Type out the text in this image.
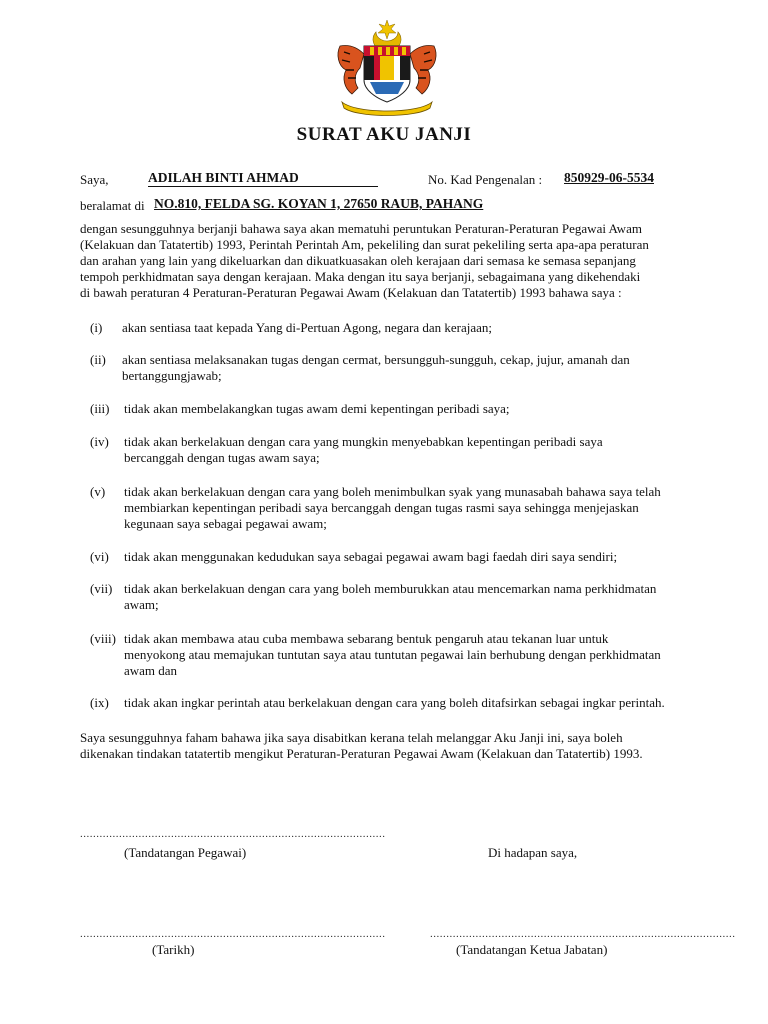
SURAT AKU JANJI
Saya,	ADILAH BINTI AHMAD	No. Kad Pengenalan : 850929-06-5534
beralamat di NO.810, FELDA SG. KOYAN 1, 27650 RAUB, PAHANG
dengan sesungguhnya berjanji bahawa saya akan mematuhi peruntukan Peraturan-Peraturan Pegawai Awam
(Kelakuan dan Tatatertib) 1993, Perintah Perintah Am, pekeliling dan surat pekeliling serta apa-apa peraturan
dan arahan yang lain yang dikeluarkan dan dikuatkuasakan oleh kerajaan dari semasa ke semasa sepanjang
tempoh perkhidmatan saya dengan kerajaan. Maka dengan itu saya berjanji, sebagaimana yang dikehendaki
di bawah peraturan 4 Peraturan-Peraturan Pegawai Awam (Kelakuan dan Tatatertib) 1993 bahawa saya :
(i) akan sentiasa taat kepada Yang di-Pertuan Agong, negara dan kerajaan;
(ii) akan sentiasa melaksanakan tugas dengan cermat, bersungguh-sungguh, cekap, jujur, amanah dan
bertanggungjawab;
(iii) tidak akan membelakangkan tugas awam demi kepentingan peribadi saya;
(iv) tidak akan berkelakuan dengan cara yang mungkin menyebabkan kepentingan peribadi saya
bercanggah dengan tugas awam saya;
(v) tidak akan berkelakuan dengan cara yang boleh menimbulkan syak yang munasabah bahawa saya telah
membiarkan kepentingan peribadi saya bercanggah dengan tugas rasmi saya sehingga menjejaskan
kegunaan saya sebagai pegawai awam;
(vi) tidak akan menggunakan kedudukan saya sebagai pegawai awam bagi faedah diri saya sendiri;
(vii) tidak akan berkelakuan dengan cara yang boleh memburukkan atau mencemarkan nama perkhidmatan
awam;
(viii) tidak akan membawa atau cuba membawa sebarang bentuk pengaruh atau tekanan luar untuk
menyokong atau memajukan tuntutan saya atau tuntutan pegawai lain berhubung dengan perkhidmatan
awam dan
(ix) tidak akan ingkar perintah atau berkelakuan dengan cara yang boleh ditafsirkan sebagai ingkar perintah.
Saya sesungguhnya faham bahawa jika saya disabitkan kerana telah melanggar Aku Janji ini, saya boleh
dikenakan tindakan tatatertib mengikut Peraturan-Peraturan Pegawai Awam (Kelakuan dan Tatatertib) 1993.
..............................................................................................
(Tandatangan Pegawai)	Di hadapan saya,
..............................................................................................
(Tarikh)
..............................................................................................
(Tandatangan Ketua Jabatan)
